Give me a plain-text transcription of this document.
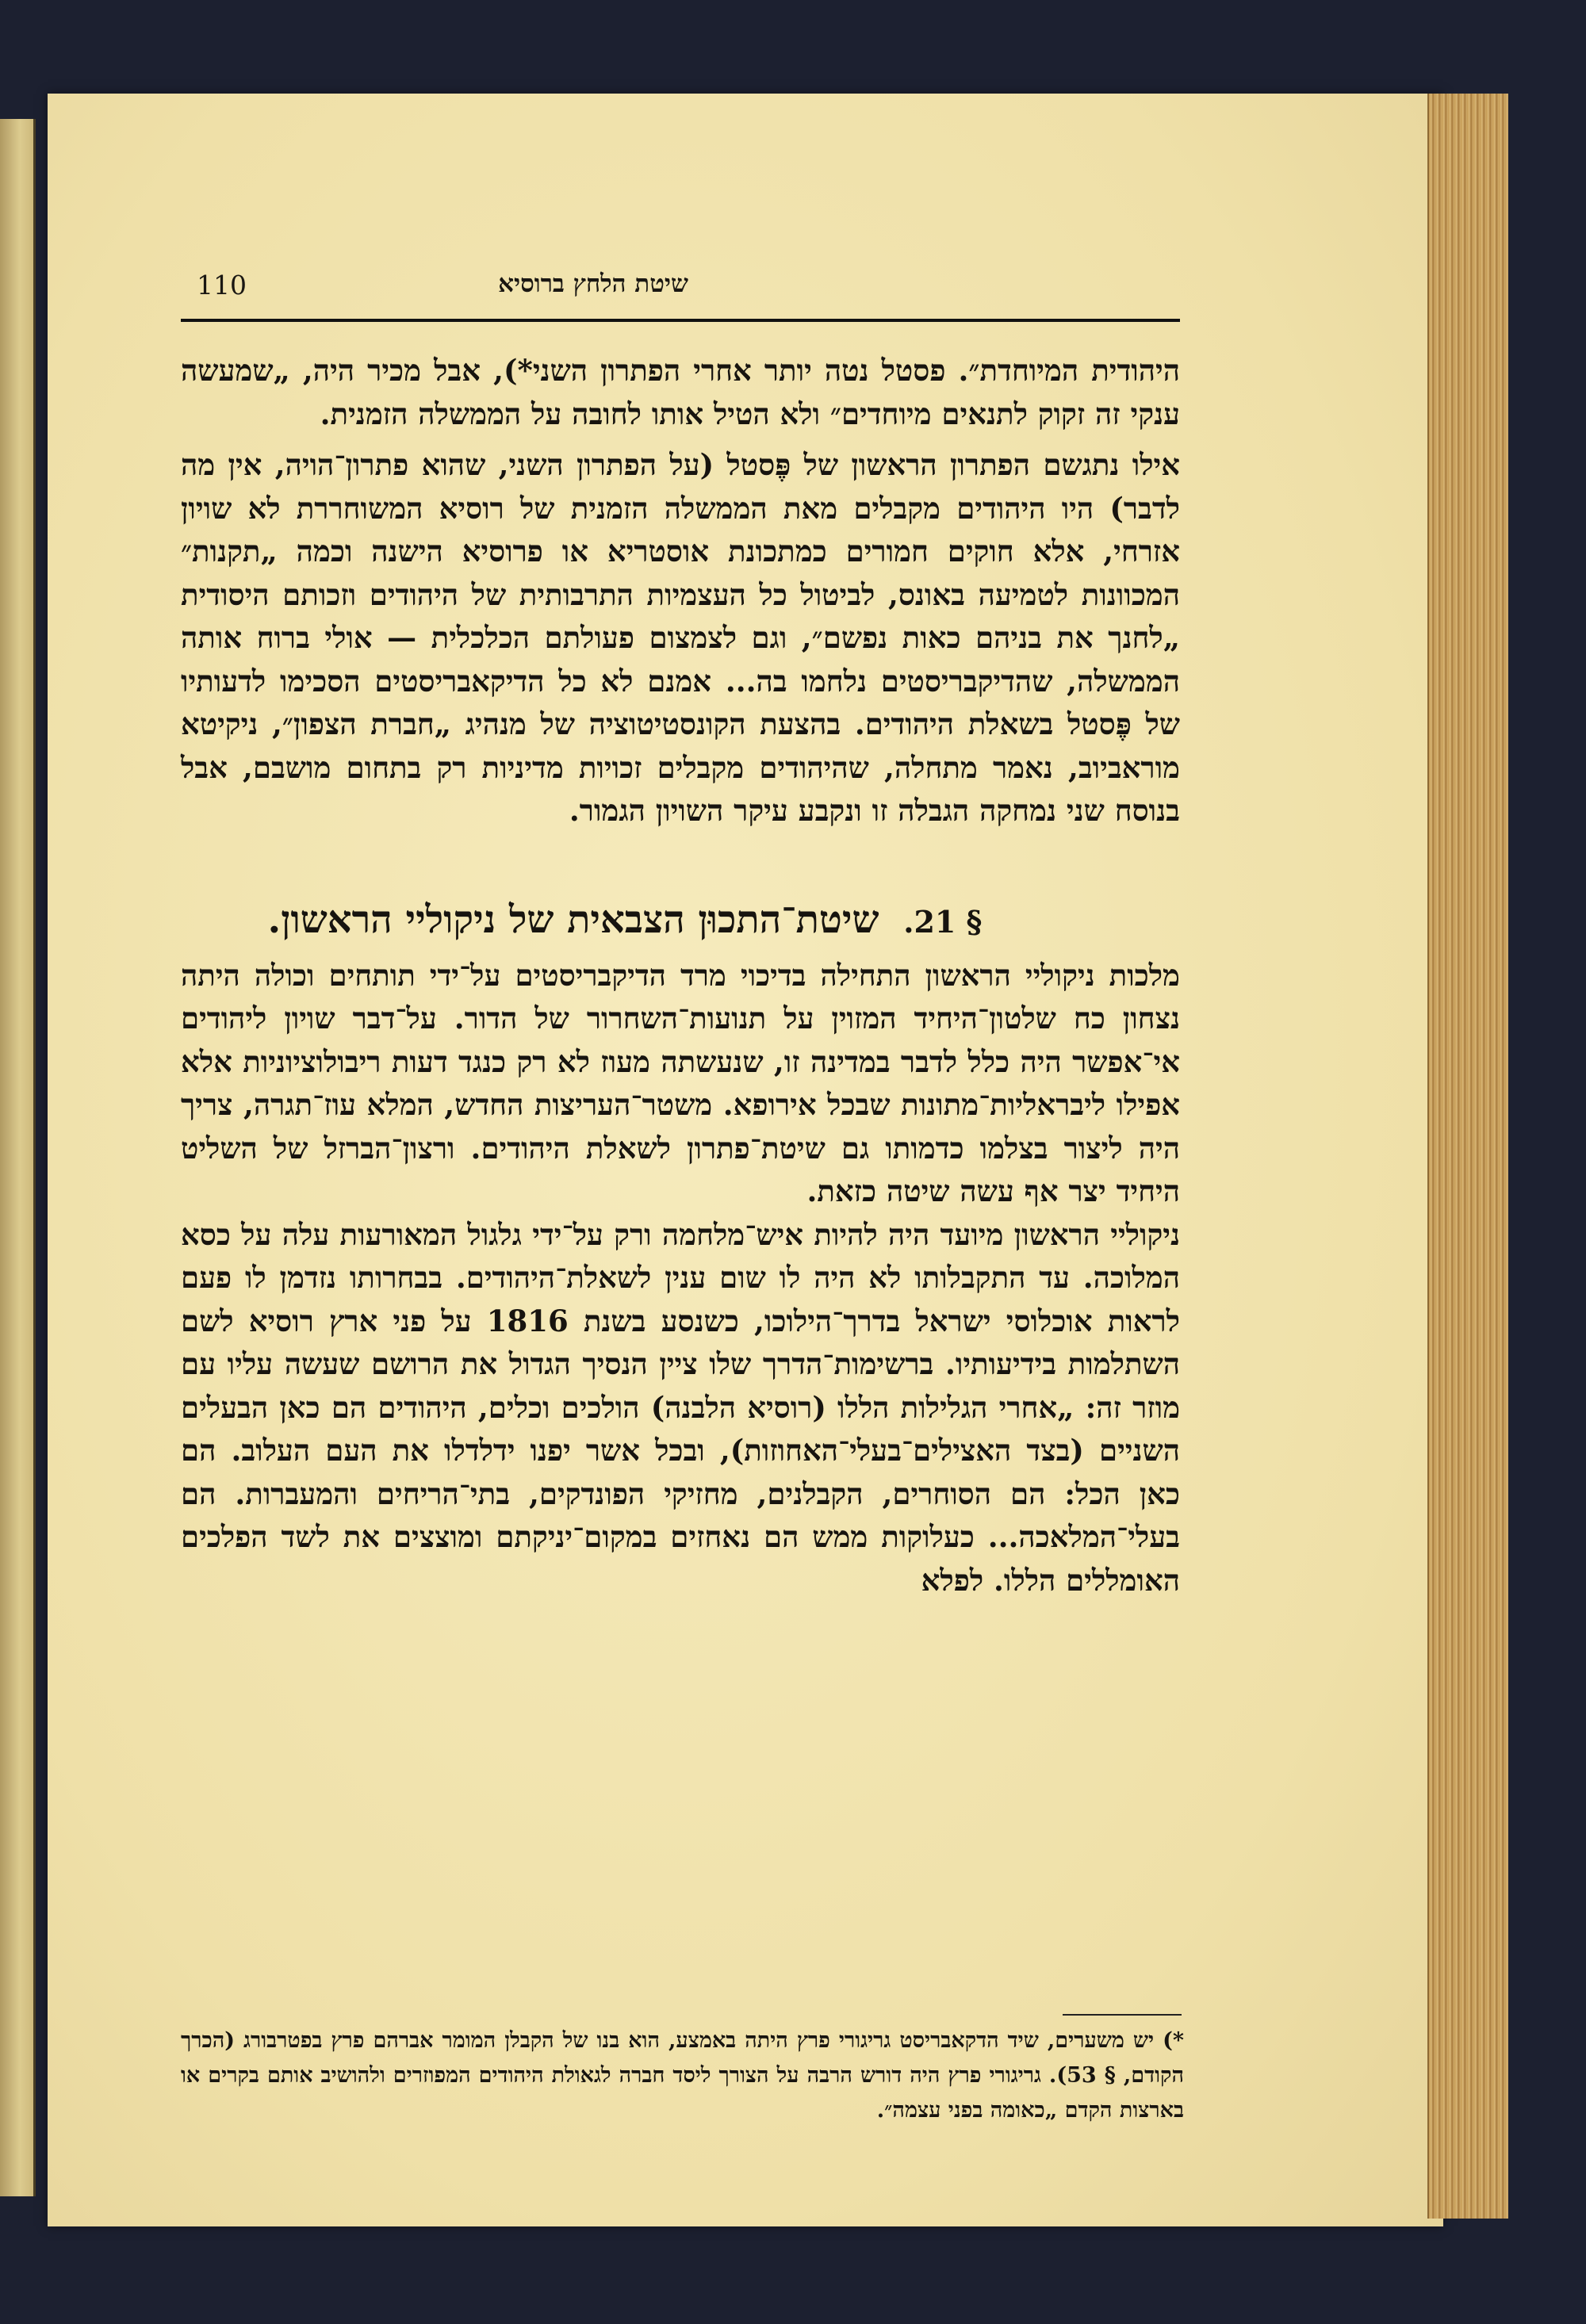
שיטת הלחץ ברוסיא
110

היהודית המיוחדת״. פסטל נטה יותר אחרי הפתרון השני*), אבל מכיר היה, „שמעשה ענקי זה זקוק לתנאים מיוחדים״ ולא הטיל אותו לחובה על הממשלה הזמנית.

אילו נתגשם הפתרון הראשון של פֶּסטל (על הפתרון השני, שהוא פתרון־הויה, אין מה לדבר) היו היהודים מקבלים מאת הממשלה הזמנית של רוסיא המשוחררת לא שויון אזרחי, אלא חוקים חמורים כמתכונת אוסטריא או פרוסיא הישנה וכמה „תקנות״ המכוונות לטמיעה באונס, לביטול כל העצמיות התרבותית של היהודים וזכותם היסודית „לחנך את בניהם כאות נפשם״, וגם לצמצום פעולתם הכלכלית — אולי ברוח אותה הממשלה, שהדיקבריסטים נלחמו בה... אמנם לא כל הדיקאבריסטים הסכימו לדעותיו של פֶּסטל בשאלת היהודים. בהצעת הקונסטיטוציה של מנהיג „חברת הצפון״, ניקיטא מוראביוב, נאמר מתחלה, שהיהודים מקבלים זכויות מדיניות רק בתחום מושבם, אבל בנוסח שני נמחקה הגבלה זו ונקבע עיקר השויון הגמור.

§ 21. שיטת־התכוּן הצבאית של ניקוליי הראשון.

מלכות ניקוליי הראשון התחילה בדיכוי מרד הדיקבריסטים על־ידי תותחים וכולה היתה נצחון כח שלטון־היחיד המזוין על תנועות־השחרור של הדור. על־דבר שויון ליהודים אי־אפשר היה כלל לדבר במדינה זו, שנעשתה מעוז לא רק כנגד דעות ריבולוציוניות אלא אפילו ליבראליות־מתונות שבכל אירופא. משטר־העריצות החדש, המלא עוז־תגרה, צריך היה ליצור בצלמו כדמותו גם שיטת־פתרון לשאלת היהודים. ורצון־הברזל של השליט היחיד יצר אף עשה שיטה כזאת.

ניקוליי הראשון מיועד היה להיות איש־מלחמה ורק על־ידי גלגול המאורעות עלה על כסא המלוכה. עד התקבלותו לא היה לו שום ענין לשאלת־היהודים. בבחרותו נזדמן לו פעם לראות אוכלוסי ישראל בדרך־הילוכו, כשנסע בשנת 1816 על פני ארץ רוסיא לשם השתלמות בידיעותיו. ברשימות־הדרך שלו ציין הנסיך הגדול את הרושם שעשה עליו עם מוזר זה: „אחרי הגלילות הללו (רוסיא הלבנה) הולכים וכלים, היהודים הם כאן הבעלים השניים (בצד האצילים־בעלי־האחוזות), ובכל אשר יפנו ידלדלו את העם העלוב. הם כאן הכל: הם הסוחרים, הקבלנים, מחזיקי הפונדקים, בתי־הריחים והמעברות. הם בעלי־המלאכה... כעלוקות ממש הם נאחזים במקום־יניקתם ומוצצים את לשד הפלכים האומללים הללו. לפלא

*) יש משערים, שיד הדקאבריסט גריגורי פרץ היתה באמצע, הוא בנו של הקבלן המומר אברהם פרץ בפטרבורג (הכרך הקודם, § 53). גריגורי פרץ היה דורש הרבה על הצורך ליסד חברה לגאולת היהודים המפוזרים ולהושיב אותם בקרים או בארצות הקדם „כאומה בפני עצמה״.
